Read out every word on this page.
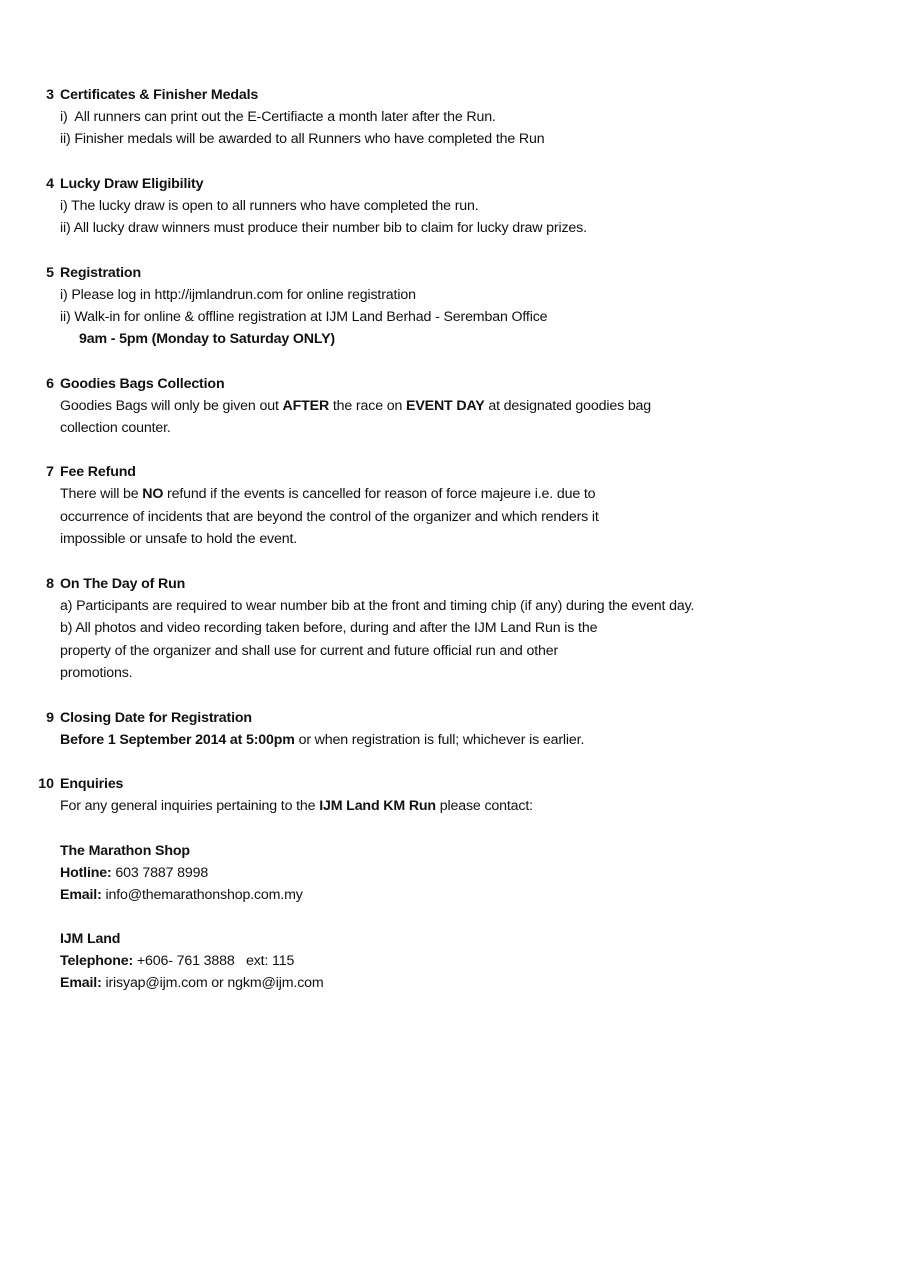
3 Certificates & Finisher Medals
i)  All runners can print out the E-Certifiacte a month later after the Run.
ii) Finisher medals will be awarded to all Runners who have completed the Run
4 Lucky Draw Eligibility
i) The lucky draw is open to all runners who have completed the run.
ii) All lucky draw winners must produce their number bib to claim for lucky draw prizes.
5 Registration
i) Please log in http://ijmlandrun.com for online registration
ii) Walk-in for online & offline registration at IJM Land Berhad - Seremban Office
9am - 5pm (Monday to Saturday ONLY)
6 Goodies Bags Collection
Goodies Bags will only be given out AFTER the race on EVENT DAY at designated goodies bag
collection counter.
7 Fee Refund
There will be NO refund if the events is cancelled for reason of force majeure i.e. due to
occurrence of incidents that are beyond the control of the organizer and which renders it
impossible or unsafe to hold the event.
8 On The Day of Run
a) Participants are required to wear number bib at the front and timing chip (if any) during the event day.
b) All photos and video recording taken before, during and after the IJM Land Run is the
property of the organizer and shall use for current and future official run and other
promotions.
9 Closing Date for Registration
Before 1 September 2014 at 5:00pm or when registration is full; whichever is earlier.
10 Enquiries
For any general inquiries pertaining to the IJM Land KM Run please contact:
The Marathon Shop
Hotline: 603 7887 8998
Email: info@themarathonshop.com.my
IJM Land
Telephone: +606- 761 3888   ext: 115
Email: irisyap@ijm.com or ngkm@ijm.com
